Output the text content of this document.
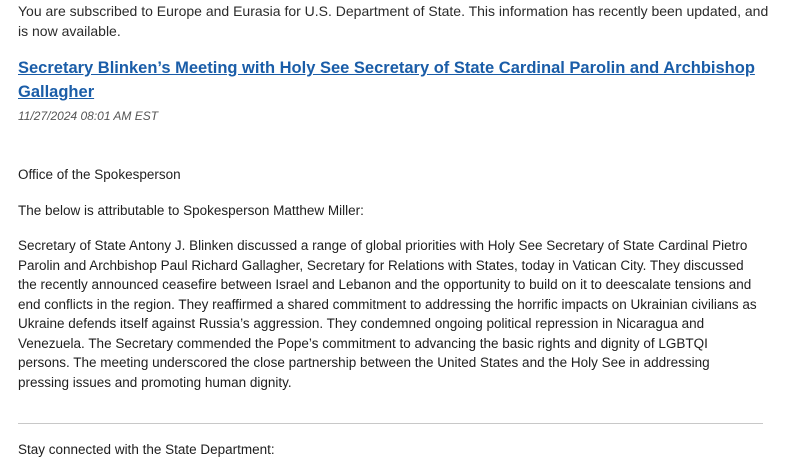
You are subscribed to Europe and Eurasia for U.S. Department of State. This information has recently been updated, and is now available.

Secretary Blinken’s Meeting with Holy See Secretary of State Cardinal Parolin and Archbishop Gallagher
11/27/2024 08:01 AM EST

Office of the Spokesperson

The below is attributable to Spokesperson Matthew Miller:

Secretary of State Antony J. Blinken discussed a range of global priorities with Holy See Secretary of State Cardinal Pietro Parolin and Archbishop Paul Richard Gallagher, Secretary for Relations with States, today in Vatican City. They discussed the recently announced ceasefire between Israel and Lebanon and the opportunity to build on it to deescalate tensions and end conflicts in the region. They reaffirmed a shared commitment to addressing the horrific impacts on Ukrainian civilians as Ukraine defends itself against Russia’s aggression. They condemned ongoing political repression in Nicaragua and Venezuela. The Secretary commended the Pope’s commitment to advancing the basic rights and dignity of LGBTQI persons. The meeting underscored the close partnership between the United States and the Holy See in addressing pressing issues and promoting human dignity.

Stay connected with the State Department:
